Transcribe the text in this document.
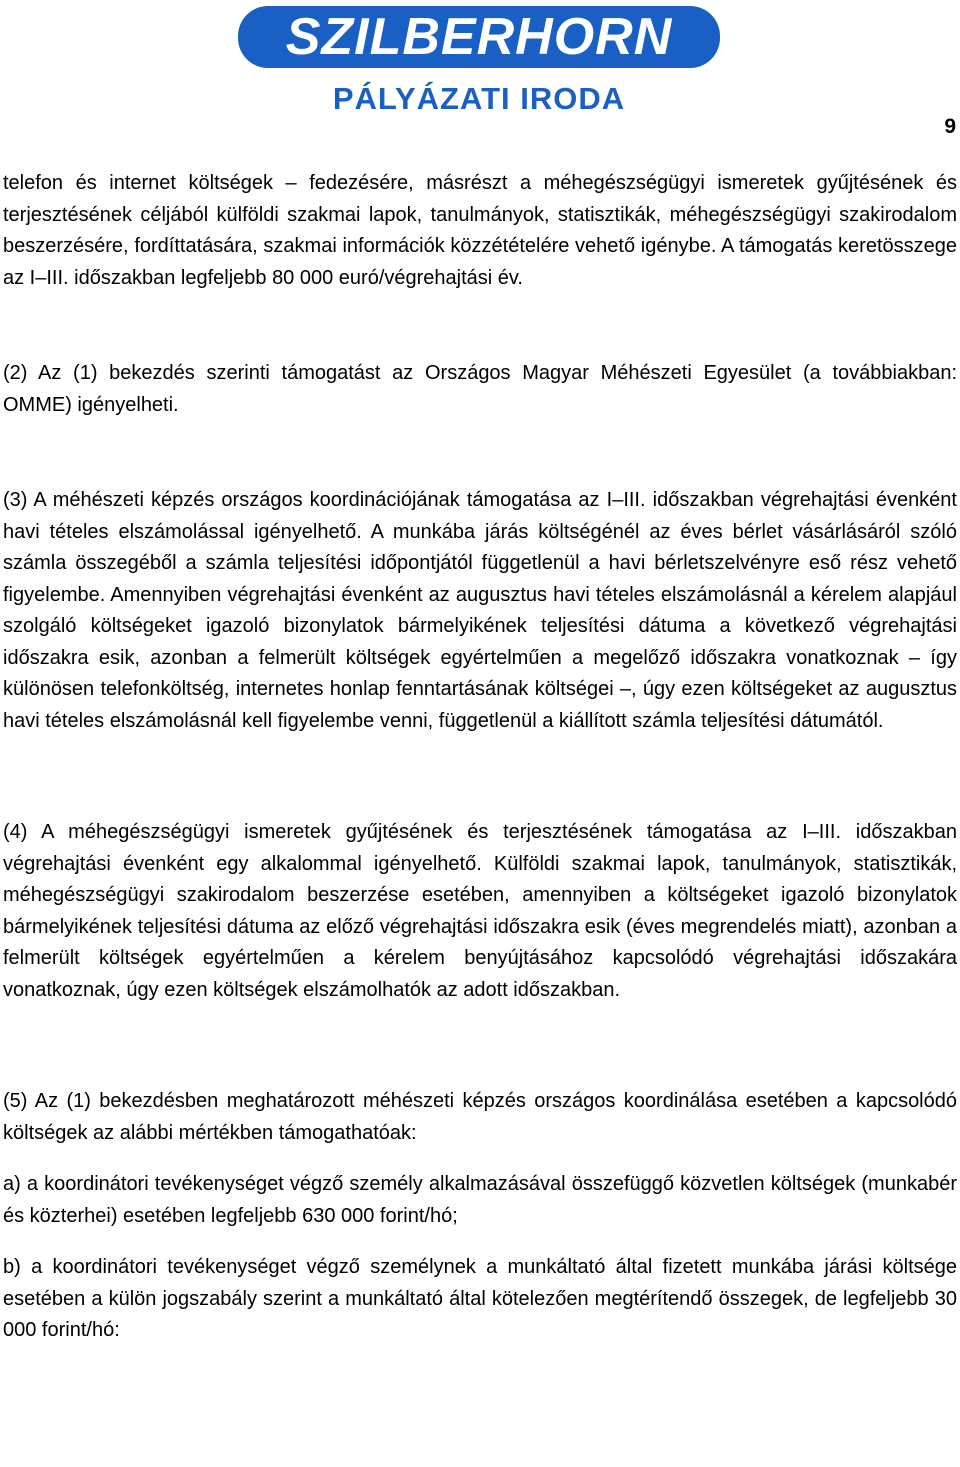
SZILBERHORN
PÁLYÁZATI IRODA
9

telefon és internet költségek – fedezésére, másrészt a méhegészségügyi ismeretek gyűjtésének és terjesztésének céljából külföldi szakmai lapok, tanulmányok, statisztikák, méhegészségügyi szakirodalom beszerzésére, fordíttatására, szakmai információk közzétételére vehető igénybe. A támogatás keretösszege az I–III. időszakban legfeljebb 80 000 euró/végrehajtási év.

(2) Az (1) bekezdés szerinti támogatást az Országos Magyar Méhészeti Egyesület (a továbbiakban: OMME) igényelheti.

(3) A méhészeti képzés országos koordinációjának támogatása az I–III. időszakban végrehajtási évenként havi tételes elszámolással igényelhető. A munkába járás költségénél az éves bérlet vásárlásáról szóló számla összegéből a számla teljesítési időpontjától függetlenül a havi bérletszelvényre eső rész vehető figyelembe. Amennyiben végrehajtási évenként az augusztus havi tételes elszámolásnál a kérelem alapjául szolgáló költségeket igazoló bizonylatok bármelyikének teljesítési dátuma a következő végrehajtási időszakra esik, azonban a felmerült költségek egyértelműen a megelőző időszakra vonatkoznak – így különösen telefonköltség, internetes honlap fenntartásának költségei –, úgy ezen költségeket az augusztus havi tételes elszámolásnál kell figyelembe venni, függetlenül a kiállított számla teljesítési dátumától.

(4) A méhegészségügyi ismeretek gyűjtésének és terjesztésének támogatása az I–III. időszakban végrehajtási évenként egy alkalommal igényelhető. Külföldi szakmai lapok, tanulmányok, statisztikák, méhegészségügyi szakirodalom beszerzése esetében, amennyiben a költségeket igazoló bizonylatok bármelyikének teljesítési dátuma az előző végrehajtási időszakra esik (éves megrendelés miatt), azonban a felmerült költségek egyértelműen a kérelem benyújtásához kapcsolódó végrehajtási időszakára vonatkoznak, úgy ezen költségek elszámolhatók az adott időszakban.

(5) Az (1) bekezdésben meghatározott méhészeti képzés országos koordinálása esetében a kapcsolódó költségek az alábbi mértékben támogathatóak:

a) a koordinátori tevékenységet végző személy alkalmazásával összefüggő közvetlen költségek (munkabér és közterhei) esetében legfeljebb 630 000 forint/hó;

b) a koordinátori tevékenységet végző személynek a munkáltató által fizetett munkába járási költsége esetében a külön jogszabály szerint a munkáltató által kötelezően megtérítendő összegek, de legfeljebb 30 000 forint/hó:
